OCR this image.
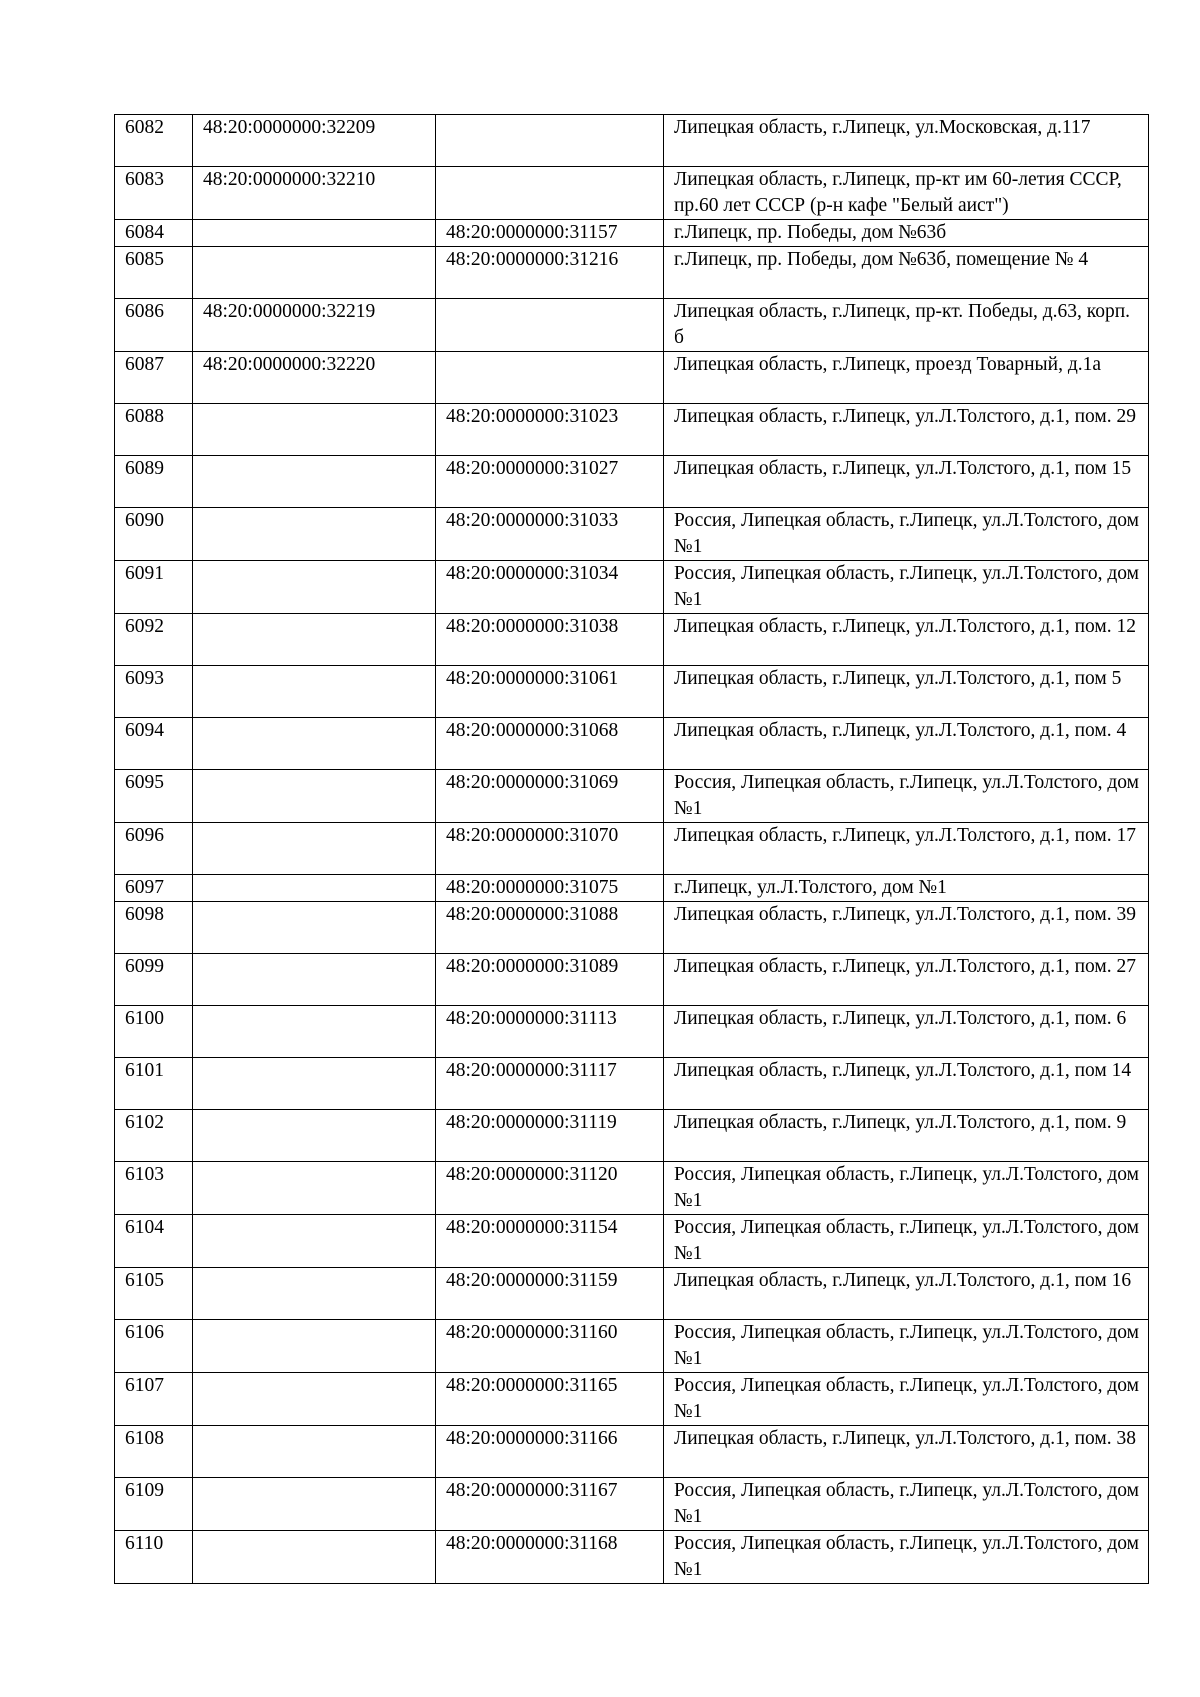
6082	48:20:0000000:32209		Липецкая область, г.Липецк, ул.Московская, д.117
6083	48:20:0000000:32210		Липецкая область, г.Липецк, пр-кт им 60-летия СССР, пр.60 лет СССР (р-н кафе "Белый аист")
6084		48:20:0000000:31157	г.Липецк, пр. Победы, дом №63б
6085		48:20:0000000:31216	г.Липецк, пр. Победы, дом №63б, помещение № 4
6086	48:20:0000000:32219		Липецкая область, г.Липецк, пр-кт. Победы, д.63, корп. б
6087	48:20:0000000:32220		Липецкая область, г.Липецк, проезд Товарный, д.1а
6088		48:20:0000000:31023	Липецкая область, г.Липецк, ул.Л.Толстого, д.1, пом. 29
6089		48:20:0000000:31027	Липецкая область, г.Липецк, ул.Л.Толстого, д.1, пом 15
6090		48:20:0000000:31033	Россия, Липецкая область, г.Липецк, ул.Л.Толстого, дом №1
6091		48:20:0000000:31034	Россия, Липецкая область, г.Липецк, ул.Л.Толстого, дом №1
6092		48:20:0000000:31038	Липецкая область, г.Липецк, ул.Л.Толстого, д.1, пом. 12
6093		48:20:0000000:31061	Липецкая область, г.Липецк, ул.Л.Толстого, д.1, пом 5
6094		48:20:0000000:31068	Липецкая область, г.Липецк, ул.Л.Толстого, д.1, пом. 4
6095		48:20:0000000:31069	Россия, Липецкая область, г.Липецк, ул.Л.Толстого, дом №1
6096		48:20:0000000:31070	Липецкая область, г.Липецк, ул.Л.Толстого, д.1, пом. 17
6097		48:20:0000000:31075	г.Липецк, ул.Л.Толстого, дом №1
6098		48:20:0000000:31088	Липецкая область, г.Липецк, ул.Л.Толстого, д.1, пом. 39
6099		48:20:0000000:31089	Липецкая область, г.Липецк, ул.Л.Толстого, д.1, пом. 27
6100		48:20:0000000:31113	Липецкая область, г.Липецк, ул.Л.Толстого, д.1, пом. 6
6101		48:20:0000000:31117	Липецкая область, г.Липецк, ул.Л.Толстого, д.1, пом 14
6102		48:20:0000000:31119	Липецкая область, г.Липецк, ул.Л.Толстого, д.1, пом. 9
6103		48:20:0000000:31120	Россия, Липецкая область, г.Липецк, ул.Л.Толстого, дом №1
6104		48:20:0000000:31154	Россия, Липецкая область, г.Липецк, ул.Л.Толстого, дом №1
6105		48:20:0000000:31159	Липецкая область, г.Липецк, ул.Л.Толстого, д.1, пом 16
6106		48:20:0000000:31160	Россия, Липецкая область, г.Липецк, ул.Л.Толстого, дом №1
6107		48:20:0000000:31165	Россия, Липецкая область, г.Липецк, ул.Л.Толстого, дом №1
6108		48:20:0000000:31166	Липецкая область, г.Липецк, ул.Л.Толстого, д.1, пом. 38
6109		48:20:0000000:31167	Россия, Липецкая область, г.Липецк, ул.Л.Толстого, дом №1
6110		48:20:0000000:31168	Россия, Липецкая область, г.Липецк, ул.Л.Толстого, дом №1
